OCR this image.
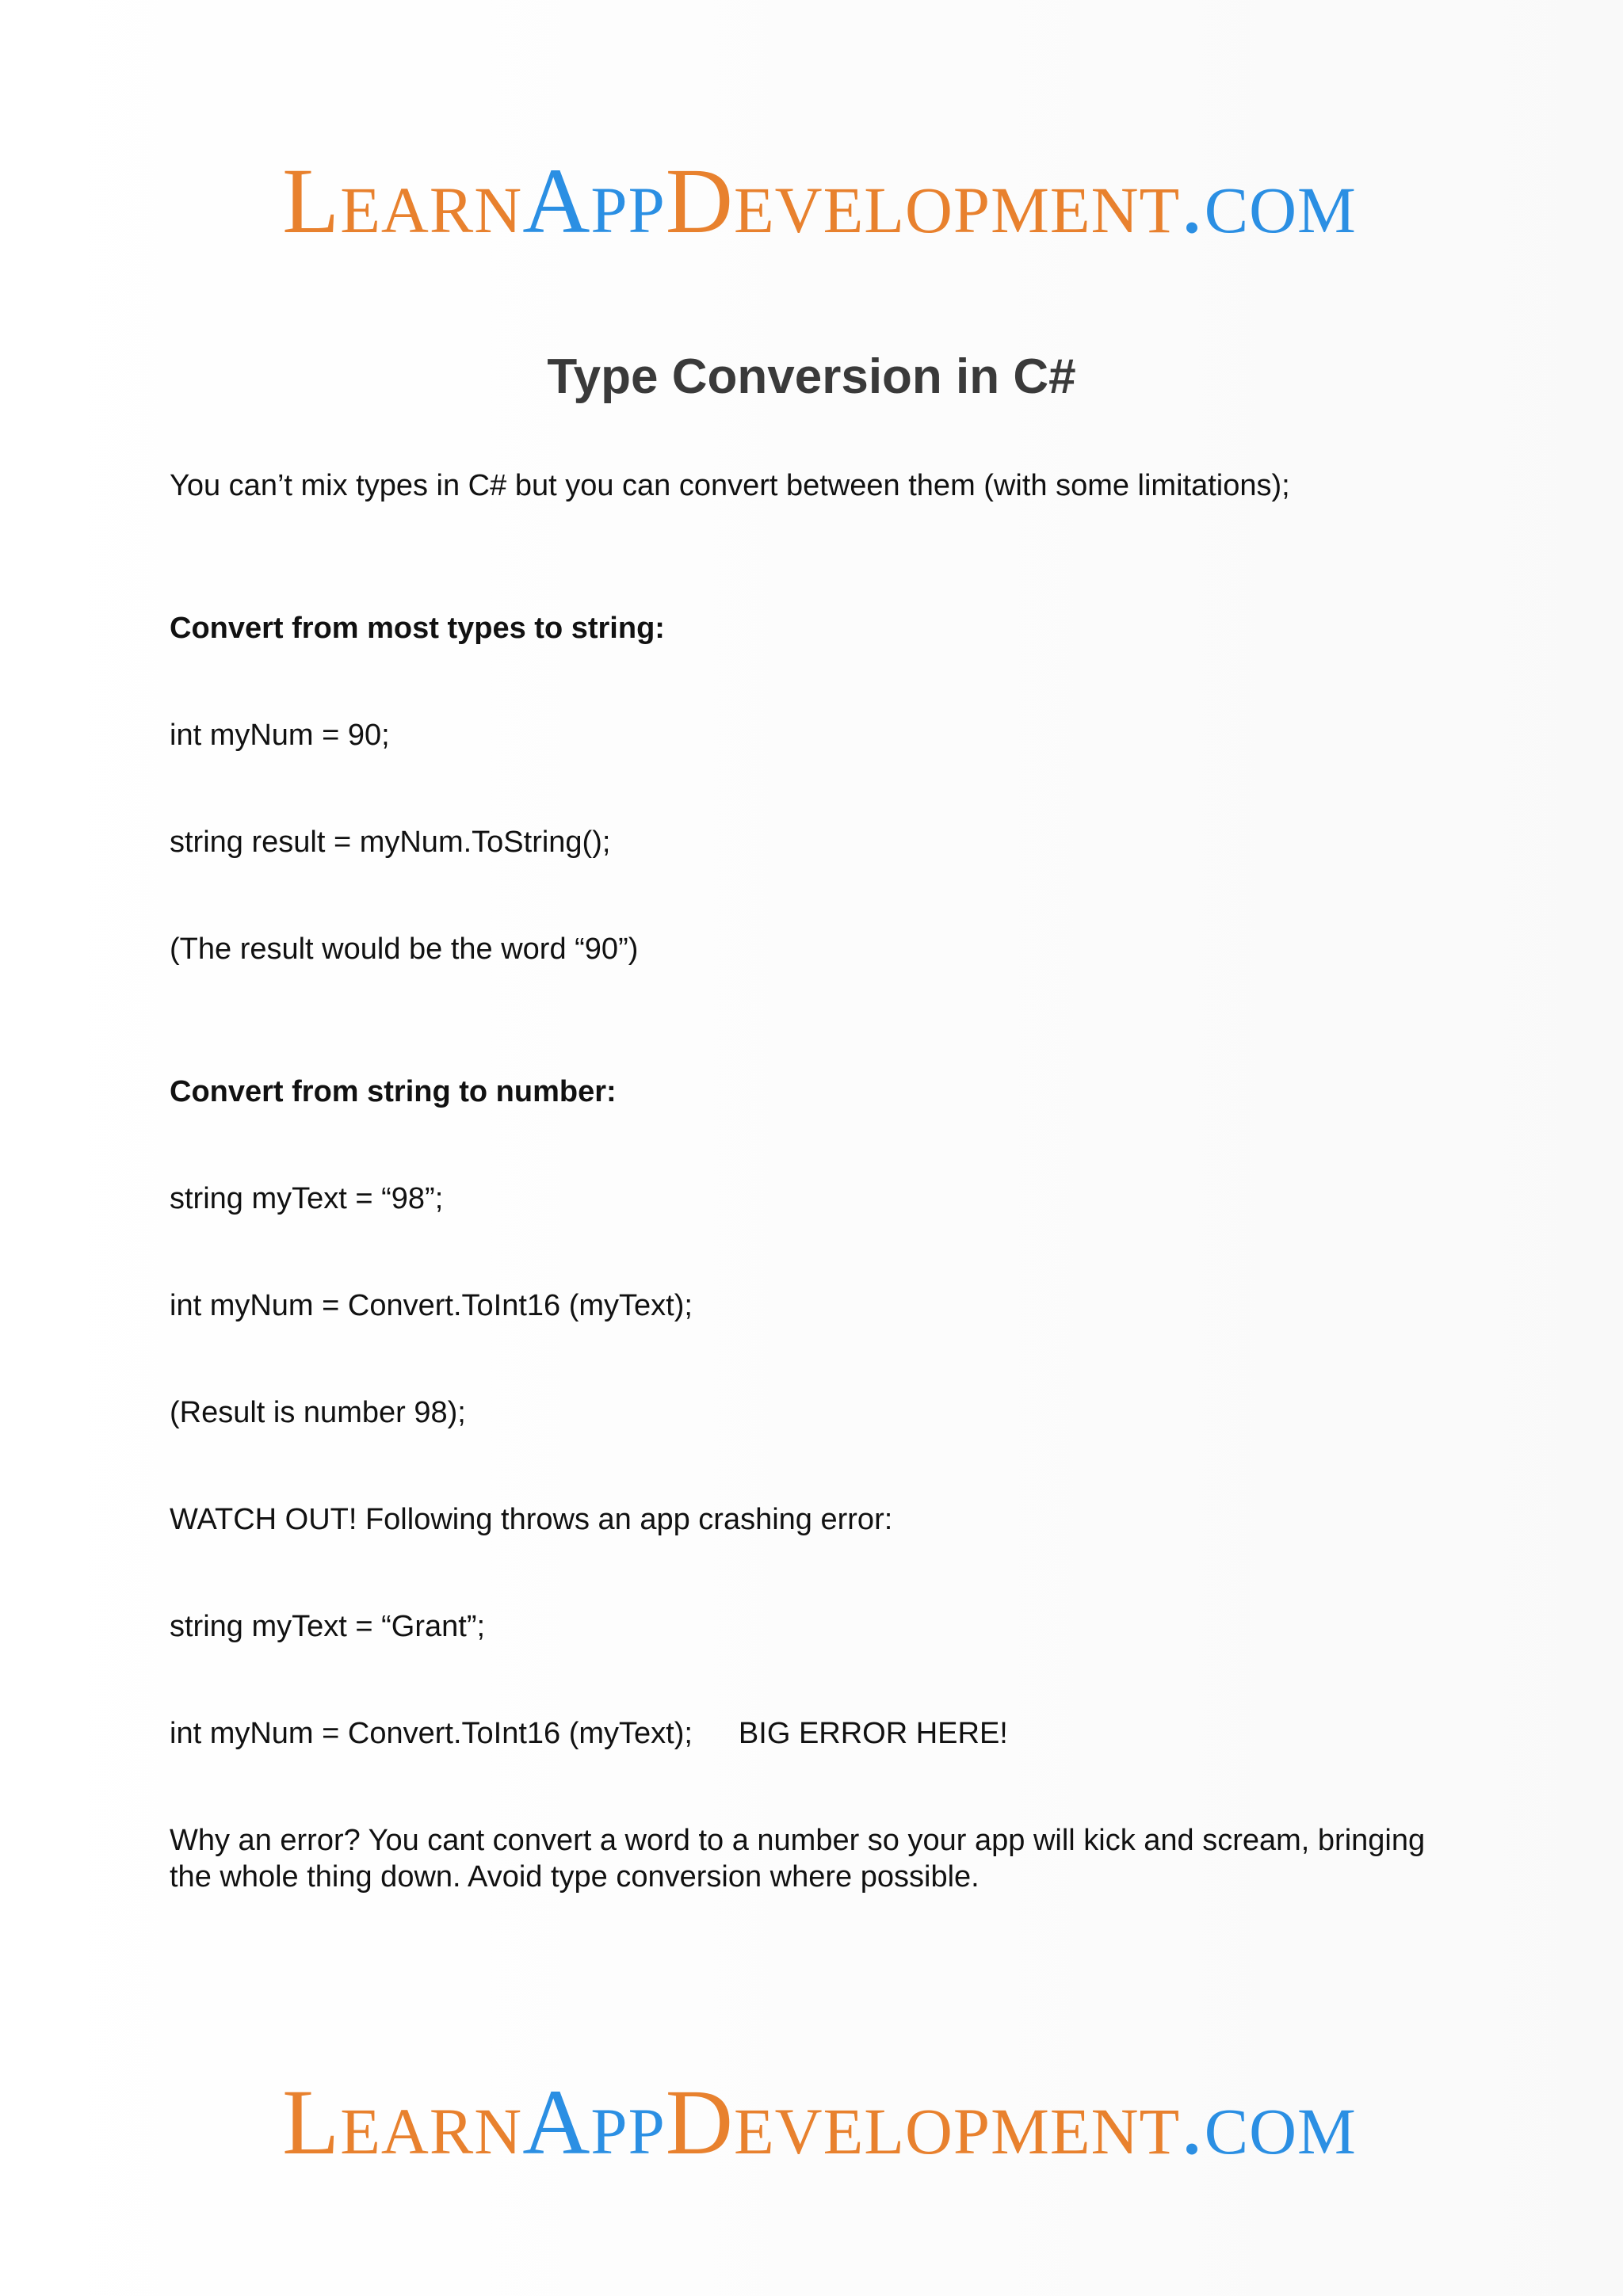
LearnAppDevelopment.com
Type Conversion in C#

You can’t mix types in C# but you can convert between them (with some limitations);

Convert from most types to string:

int myNum = 90;

string result = myNum.ToString();

(The result would be the word “90”)

Convert from string to number:

string myText = “98”;

int myNum = Convert.ToInt16 (myText);

(Result is number 98);

WATCH OUT! Following throws an app crashing error:

string myText = “Grant”;

int myNum = Convert.ToInt16 (myText); BIG ERROR HERE!

Why an error? You cant convert a word to a number so your app will kick and scream, bringing the whole thing down. Avoid type conversion where possible.

LearnAppDevelopment.com
